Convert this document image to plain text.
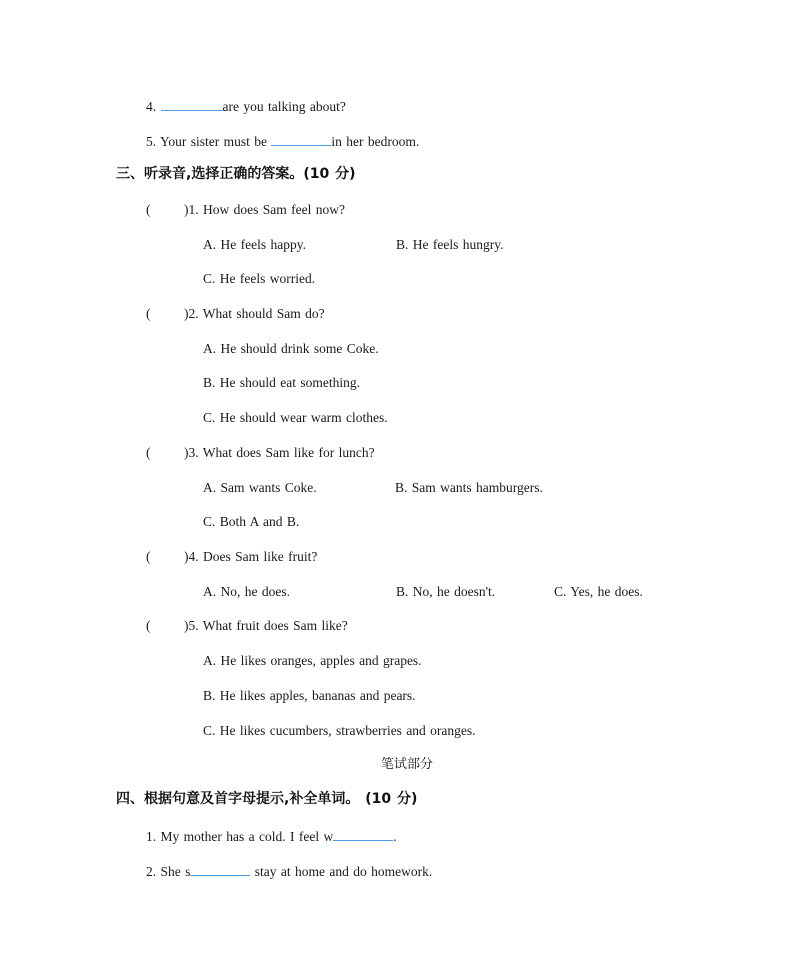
4.	are you talking about?
5. Your sister must be	in her bedroom.
三、听录音,选择正确的答案。(10 分)
( )1. How does Sam feel now?
A. He feels happy.	B. He feels hungry.
C. He feels worried.
( )2. What should Sam do?
A. He should drink some Coke.
B. He should eat something.
C. He should wear warm clothes.
( )3. What does Sam like for lunch?
A. Sam wants Coke.	B. Sam wants hamburgers.
C. Both A and B.
( )4. Does Sam like fruit?
A. No, he does.	B. No, he doesn't.	C. Yes, he does.
( )5. What fruit does Sam like?
A. He likes oranges, apples and grapes.
B. He likes apples, bananas and pears.
C. He likes cucumbers, strawberries and oranges.
笔试部分
四、根据句意及首字母提示,补全单词。 (10 分)
1. My mother has a cold. I feel w	.
2. She s	stay at home and do homework.
